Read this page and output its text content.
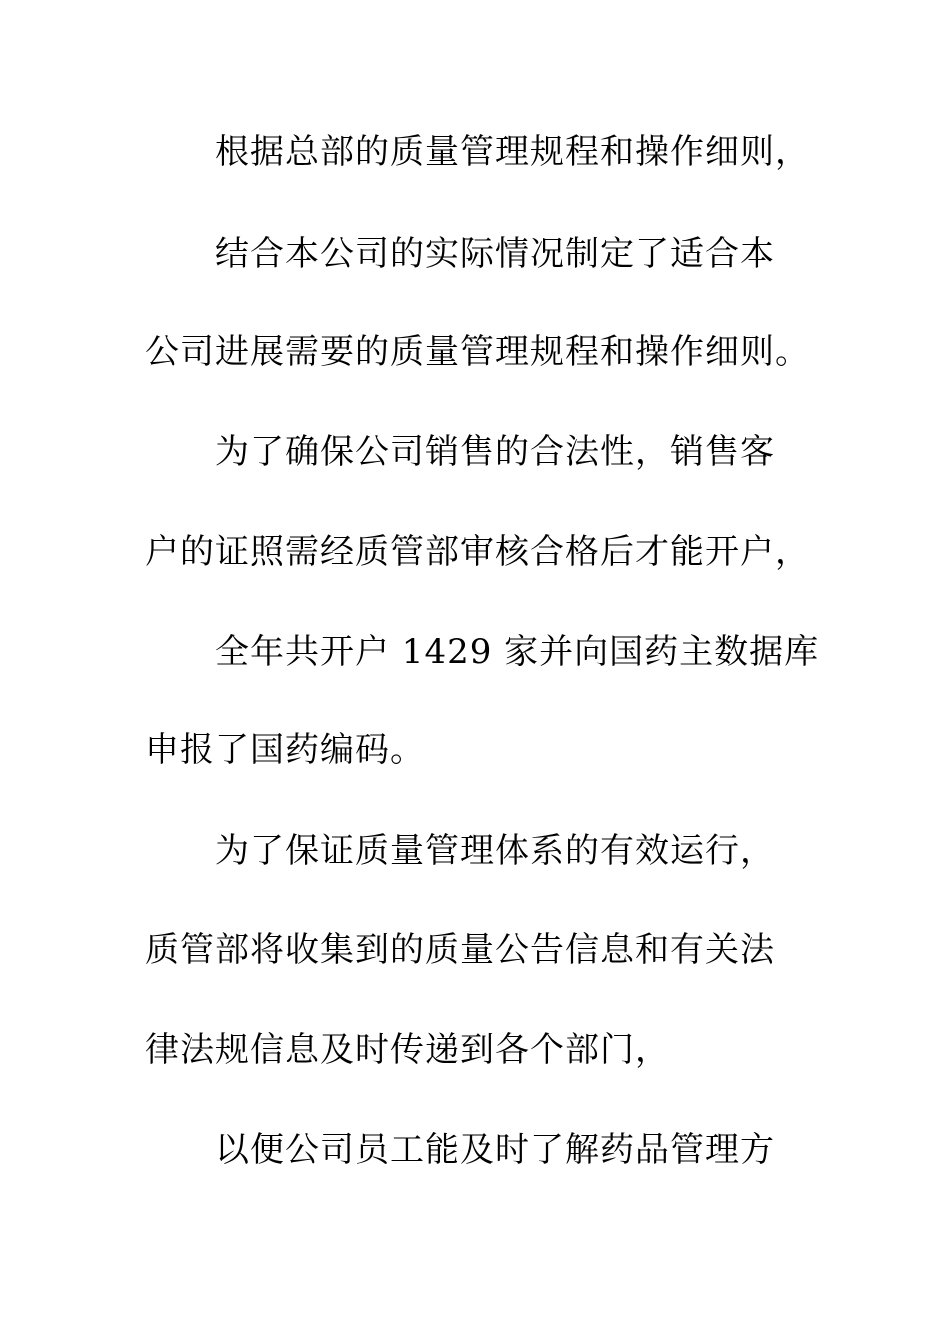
根据总部的质量管理规程和操作细则，
结合本公司的实际情况制定了适合本
公司进展需要的质量管理规程和操作细则。
为了确保公司销售的合法性，销售客
户的证照需经质管部审核合格后才能开户，
全年共开户 1429 家并向国药主数据库
申报了国药编码。
为了保证质量管理体系的有效运行，
质管部将收集到的质量公告信息和有关法
律法规信息及时传递到各个部门，
以便公司员工能及时了解药品管理方
